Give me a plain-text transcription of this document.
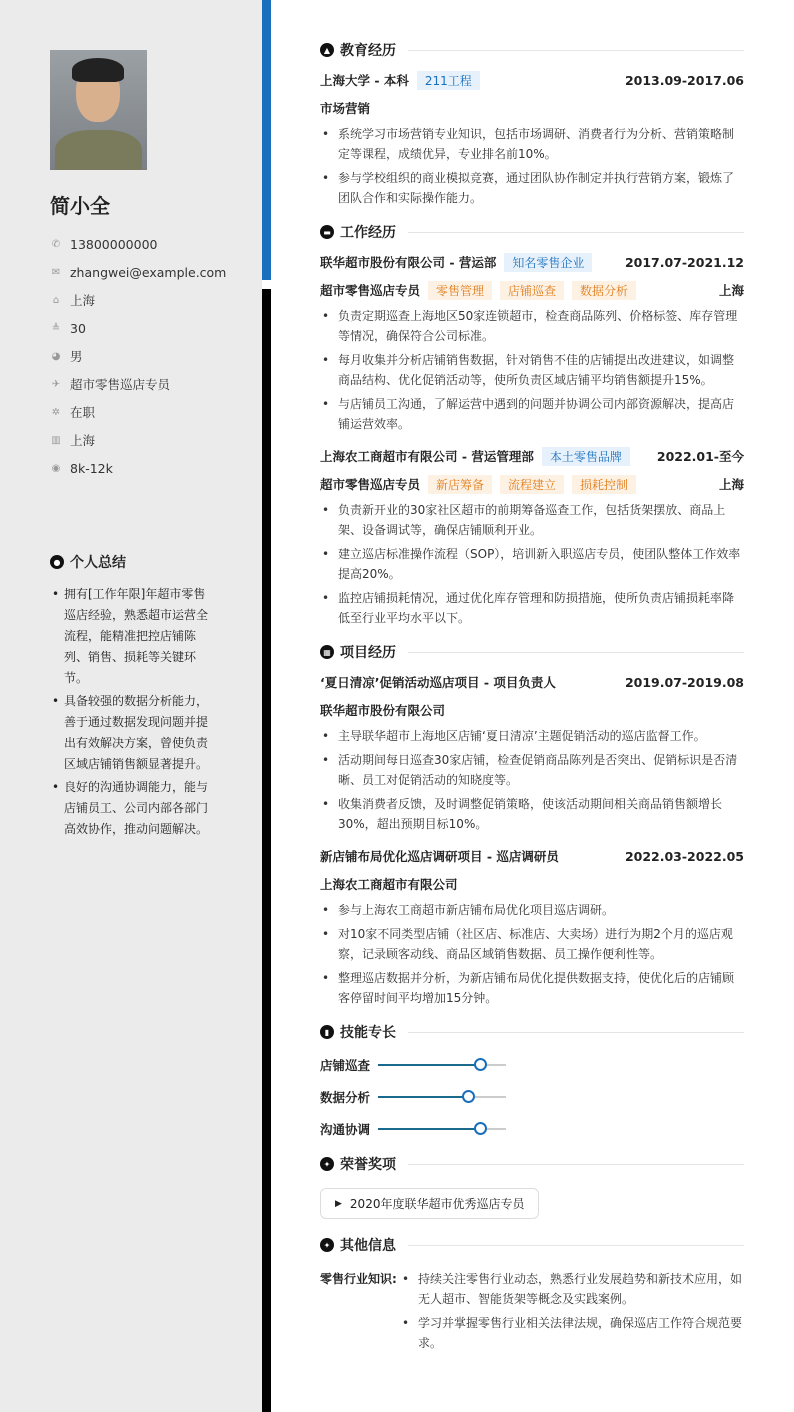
简小全
✆ 13800000000
✉ zhangwei@example.com
⌂ 上海
≜ 30
◕ 男
✈ 超市零售巡店专员
✲ 在职
▥ 上海
◉ 8k-12k
● 个人总结
• 拥有[工作年限]年超市零售巡店经验，熟悉超市运营全流程，能精准把控店铺陈列、销售、损耗等关键环节。
• 具备较强的数据分析能力，善于通过数据发现问题并提出有效解决方案，曾使负责区域店铺销售额显著提升。
• 良好的沟通协调能力，能与店铺员工、公司内部各部门高效协作，推动问题解决。
▲ 教育经历
上海大学 - 本科	211工程	2013.09-2017.06
市场营销
• 系统学习市场营销专业知识，包括市场调研、消费者行为分析、营销策略制定等课程，成绩优异，专业排名前10%。
• 参与学校组织的商业模拟竞赛，通过团队协作制定并执行营销方案，锻炼了团队合作和实际操作能力。
▬ 工作经历
联华超市股份有限公司 - 营运部	知名零售企业	2017.07-2021.12
超市零售巡店专员	零售管理	店铺巡查	数据分析	上海
• 负责定期巡查上海地区50家连锁超市，检查商品陈列、价格标签、库存管理等情况，确保符合公司标准。
• 每月收集并分析店铺销售数据，针对销售不佳的店铺提出改进建议，如调整商品结构、优化促销活动等，使所负责区域店铺平均销售额提升15%。
• 与店铺员工沟通，了解运营中遇到的问题并协调公司内部资源解决，提高店铺运营效率。
上海农工商超市有限公司 - 营运管理部	本土零售品牌	2022.01-至今
超市零售巡店专员	新店筹备	流程建立	损耗控制	上海
• 负责新开业的30家社区超市的前期筹备巡查工作，包括货架摆放、商品上架、设备调试等，确保店铺顺利开业。
• 建立巡店标准操作流程（SOP），培训新入职巡店专员，使团队整体工作效率提高20%。
• 监控店铺损耗情况，通过优化库存管理和防损措施，使所负责店铺损耗率降低至行业平均水平以下。
▦ 项目经历
‘夏日清凉’促销活动巡店项目 - 项目负责人	2019.07-2019.08
联华超市股份有限公司
• 主导联华超市上海地区店铺‘夏日清凉’主题促销活动的巡店监督工作。
• 活动期间每日巡查30家店铺，检查促销商品陈列是否突出、促销标识是否清晰、员工对促销活动的知晓度等。
• 收集消费者反馈，及时调整促销策略，使该活动期间相关商品销售额增长30%，超出预期目标10%。
新店铺布局优化巡店调研项目 - 巡店调研员	2022.03-2022.05
上海农工商超市有限公司
• 参与上海农工商超市新店铺布局优化项目巡店调研。
• 对10家不同类型店铺（社区店、标准店、大卖场）进行为期2个月的巡店观察，记录顾客动线、商品区域销售数据、员工操作便利性等。
• 整理巡店数据并分析，为新店铺布局优化提供数据支持，使优化后的店铺顾客停留时间平均增加15分钟。
▮ 技能专长
店铺巡查
数据分析
沟通协调
✦ 荣誉奖项
▶ 2020年度联华超市优秀巡店专员
✦ 其他信息
零售行业知识:	• 持续关注零售行业动态，熟悉行业发展趋势和新技术应用，如无人超市、智能货架等概念及实践案例。
• 学习并掌握零售行业相关法律法规，确保巡店工作符合规范要求。
